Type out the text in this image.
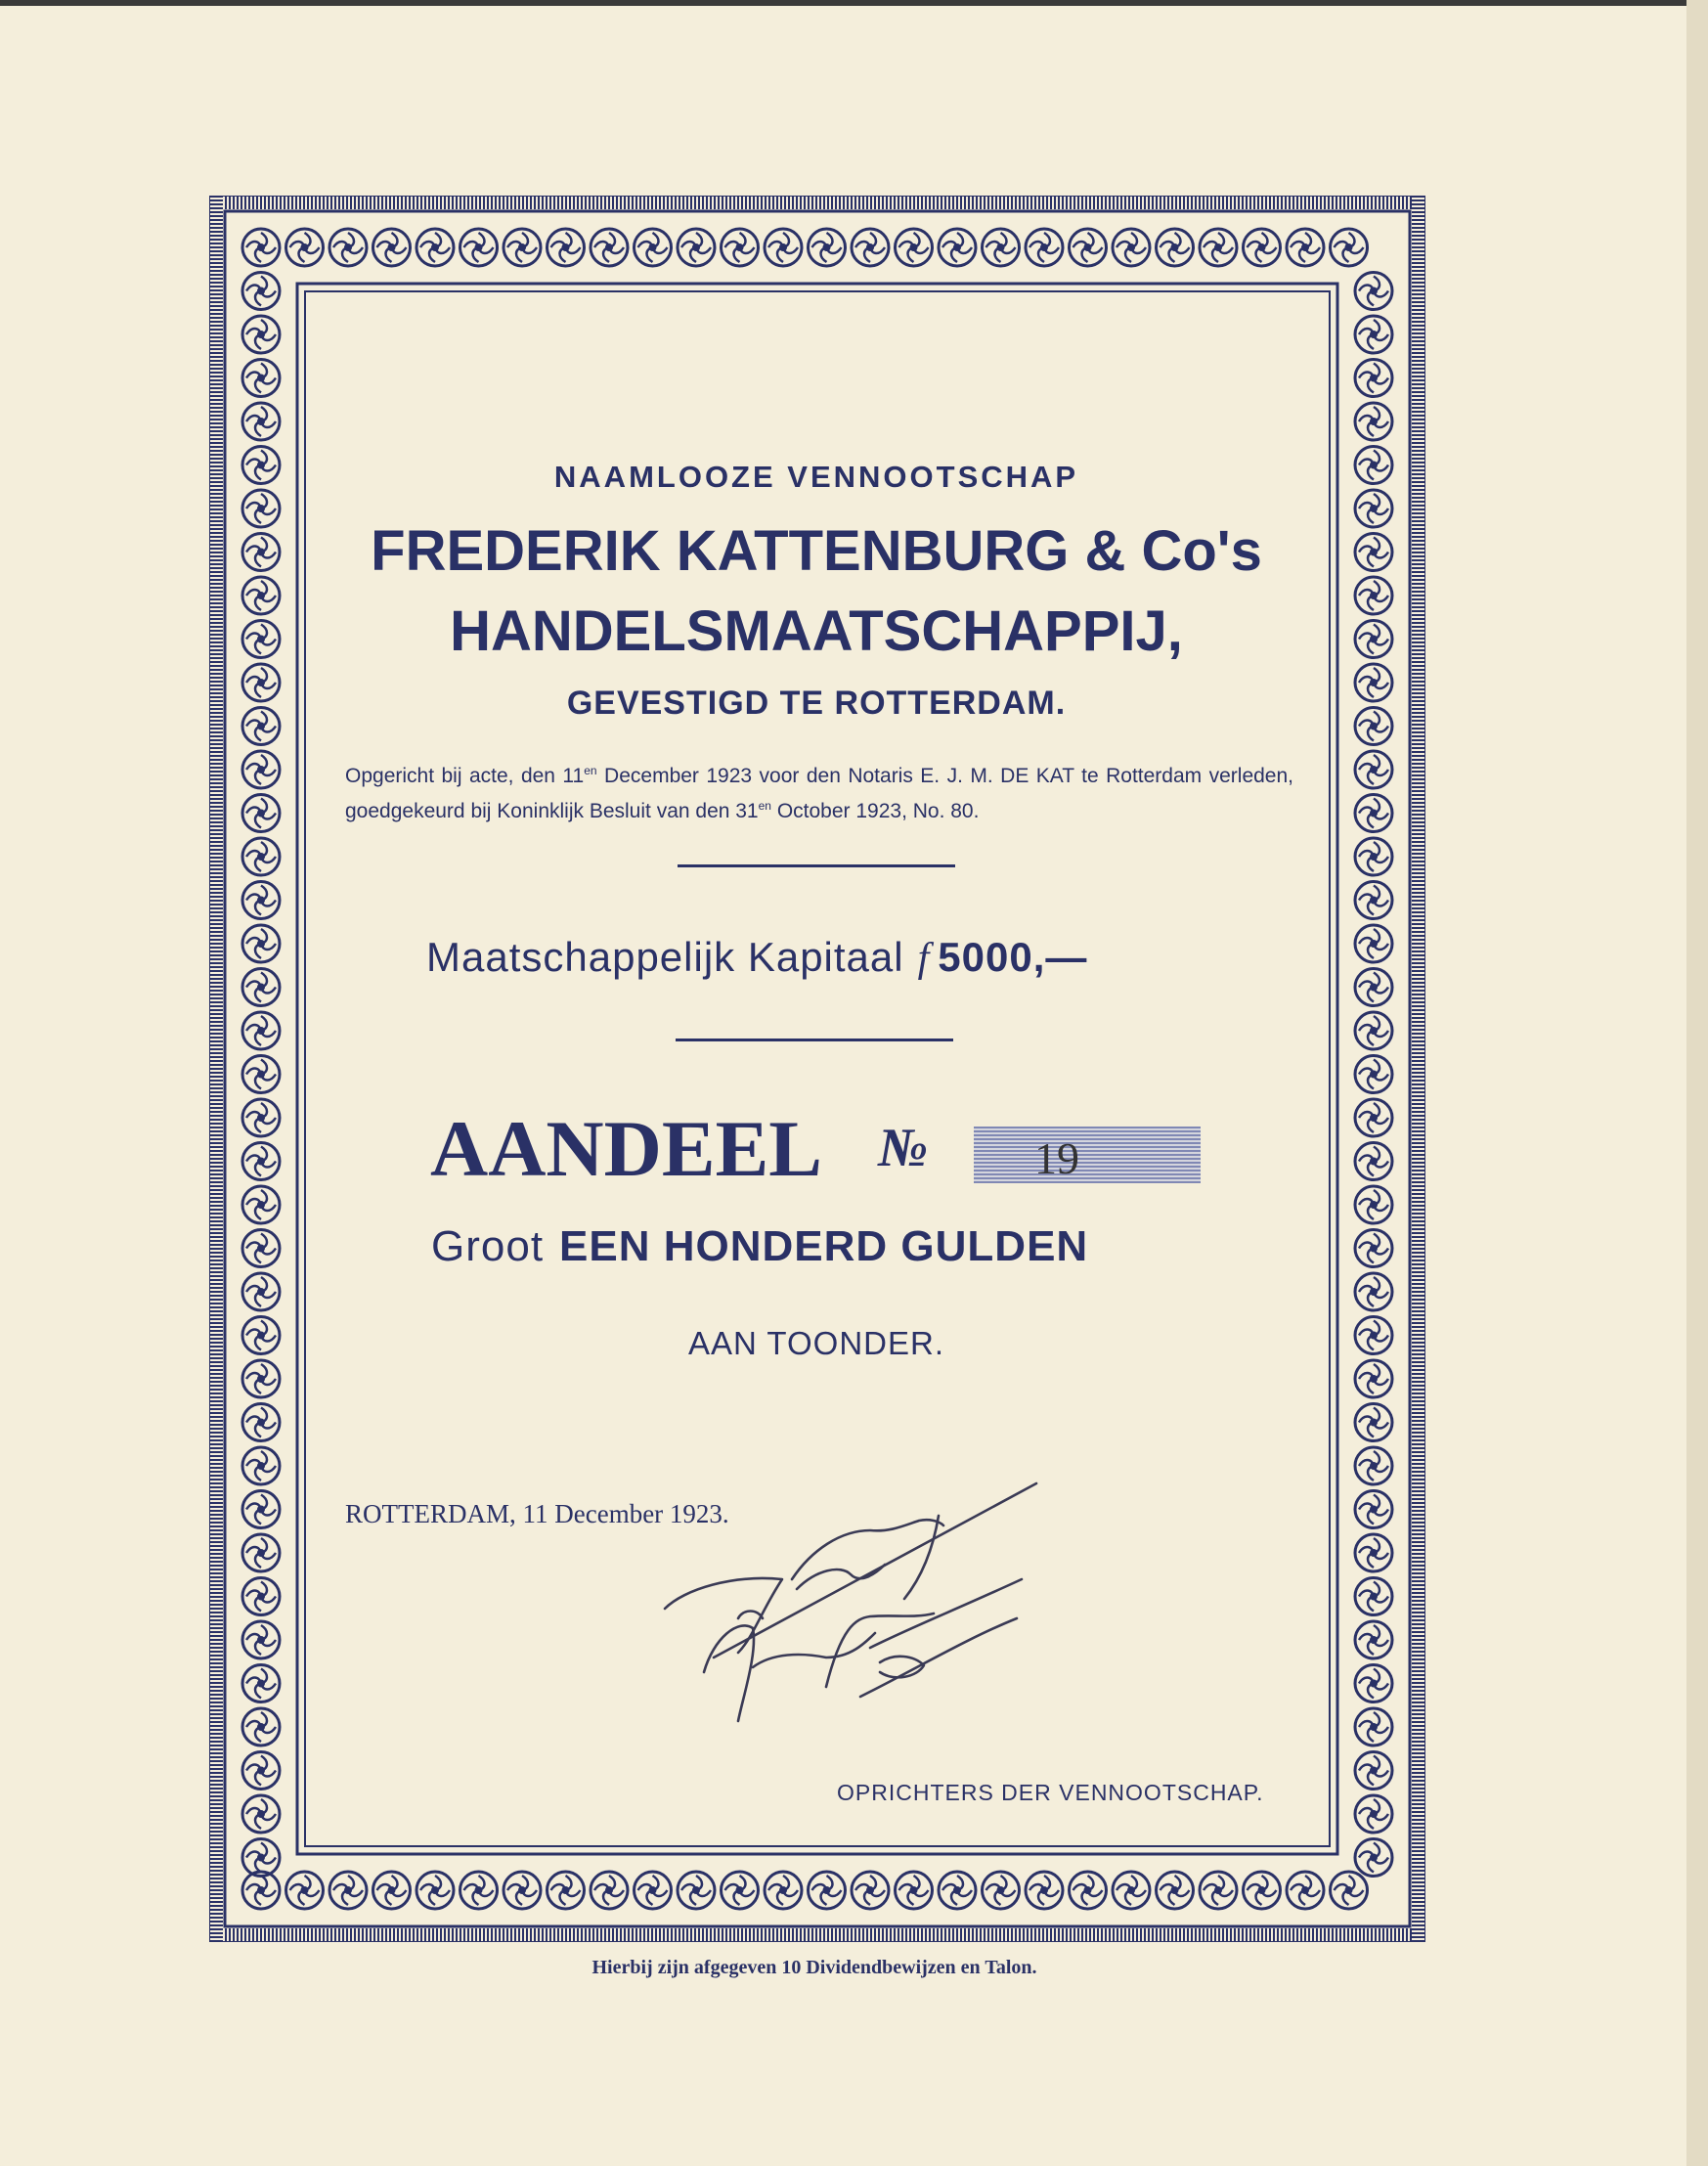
NAAMLOOZE VENNOOTSCHAP
FREDERIK KATTENBURG & Co's
HANDELSMAATSCHAPPIJ,
GEVESTIGD TE ROTTERDAM.
Opgericht bij acte, den $11^{en}$ December 1923 voor den Notaris E. J. M. DE KAT te Rotterdam verleden, goedgekeurd bij Koninklijk Besluit van den $31^{en}$ October 1923, No. 80.
Maatschappelijk Kapitaal f 5000,—
AANDEEL №	19
Groot EEN HONDERD GULDEN
AAN TOONDER.
ROTTERDAM, 11 December 1923.
OPRICHTERS DER VENNOOTSCHAP.
Hierbij zijn afgegeven 10 Dividendbewijzen en Talon.
